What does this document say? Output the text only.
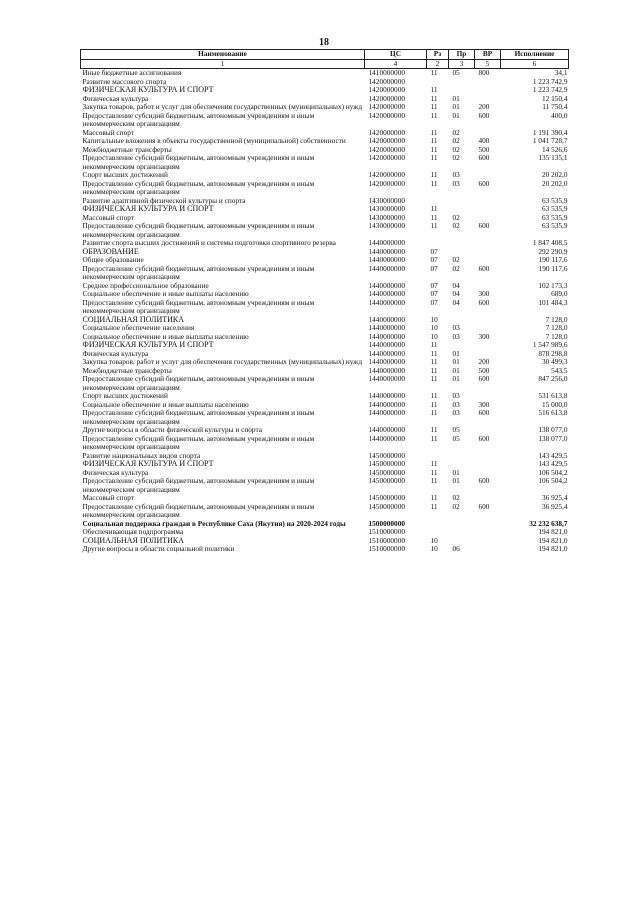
18
Наименование	ЦС	Рз	Пр	ВР	Исполнение
1	4	2	3	5	6
Иные бюджетные ассигнования	1410000000	11	05	800	34,1
Развитие массового спорта	1420000000				1 223 742,9
ФИЗИЧЕСКАЯ КУЛЬТУРА И СПОРТ	1420000000	11			1 223 742,9
Физическая культура	1420000000	11	01		12 150,4
Закупка товаров, работ и услуг для обеспечения государственных (муниципальных) нужд	1420000000	11	01	200	11 750,4
Предоставление субсидий бюджетным, автономным учреждениям и иным некоммерческим организациям	1420000000	11	01	600	400,0
Массовый спорт	1420000000	11	02		1 191 390,4
Капитальные вложения в объекты государственной (муниципальной) собственности	1420000000	11	02	400	1 041 728,7
Межбюджетные трансферты	1420000000	11	02	500	14 526,6
Предоставление субсидий бюджетным, автономным учреждениям и иным некоммерческим организациям	1420000000	11	02	600	135 135,1
Спорт высших достижений	1420000000	11	03		20 202,0
Предоставление субсидий бюджетным, автономным учреждениям и иным некоммерческим организациям	1420000000	11	03	600	20 202,0
Развитие адаптивной физической культуры и спорта	1430000000				63 535,9
ФИЗИЧЕСКАЯ КУЛЬТУРА И СПОРТ	1430000000	11			63 535,9
Массовый спорт	1430000000	11	02		63 535,9
Предоставление субсидий бюджетным, автономным учреждениям и иным некоммерческим организациям	1430000000	11	02	600	63 535,9
Развитие спорта высших достижений и системы подготовки спортивного резерва	1440000000				1 847 408,5
ОБРАЗОВАНИЕ	1440000000	07			292 290,9
Общее образование	1440000000	07	02		190 117,6
Предоставление субсидий бюджетным, автономным учреждениям и иным некоммерческим организациям	1440000000	07	02	600	190 117,6
Среднее профессиональное образование	1440000000	07	04		102 173,3
Социальное обеспечение и иные выплаты населению	1440000000	07	04	300	689,0
Предоставление субсидий бюджетным, автономным учреждениям и иным некоммерческим организациям	1440000000	07	04	600	101 484,3
СОЦИАЛЬНАЯ ПОЛИТИКА	1440000000	10			7 128,0
Социальное обеспечение населения	1440000000	10	03		7 128,0
Социальное обеспечение и иные выплаты населению	1440000000	10	03	300	7 128,0
ФИЗИЧЕСКАЯ КУЛЬТУРА И СПОРТ	1440000000	11			1 547 989,6
Физическая культура	1440000000	11	01		878 298,8
Закупка товаров, работ и услуг для обеспечения государственных (муниципальных) нужд	1440000000	11	01	200	30 499,3
Межбюджетные трансферты	1440000000	11	01	500	543,5
Предоставление субсидий бюджетным, автономным учреждениям и иным некоммерческим организациям	1440000000	11	01	600	847 256,0
Спорт высших достижений	1440000000	11	03		531 613,8
Социальное обеспечение и иные выплаты населению	1440000000	11	03	300	15 000,0
Предоставление субсидий бюджетным, автономным учреждениям и иным некоммерческим организациям	1440000000	11	03	600	516 613,8
Другие вопросы в области физической культуры и спорта	1440000000	11	05		138 077,0
Предоставление субсидий бюджетным, автономным учреждениям и иным некоммерческим организациям	1440000000	11	05	600	138 077,0
Развитие национальных видов спорта	1450000000				143 429,5
ФИЗИЧЕСКАЯ КУЛЬТУРА И СПОРТ	1450000000	11			143 429,5
Физическая культура	1450000000	11	01		106 504,2
Предоставление субсидий бюджетным, автономным учреждениям и иным некоммерческим организациям	1450000000	11	01	600	106 504,2
Массовый спорт	1450000000	11	02		36 925,4
Предоставление субсидий бюджетным, автономным учреждениям и иным некоммерческим организациям	1450000000	11	02	600	36 925,4
Социальная поддержка граждан в Республике Саха (Якутия) на 2020-2024 годы	1500000000				32 232 638,7
Обеспечивающая подпрограмма	1510000000				194 821,0
СОЦИАЛЬНАЯ ПОЛИТИКА	1510000000	10			194 821,0
Другие вопросы в области социальной политики	1510000000	10	06		194 821,0
